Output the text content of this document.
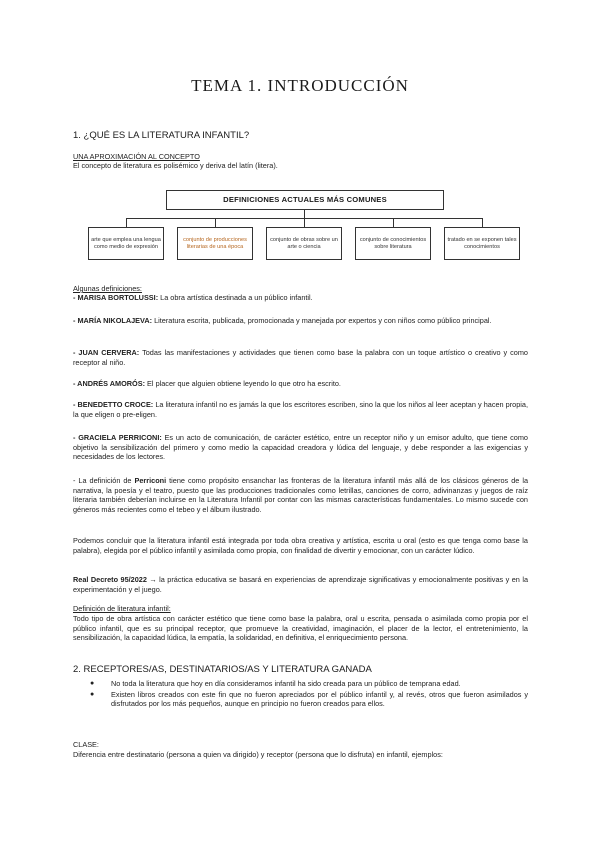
TEMA 1. INTRODUCCIÓN
1. ¿QUÉ ES LA LITERATURA INFANTIL?
UNA APROXIMACIÓN AL CONCEPTO
El concepto de literatura es polisémico y deriva del latín (litera).
DEFINICIONES ACTUALES MÁS COMUNES
arte que emplea una lengua como medio de expresión
conjunto de producciones literarias de una época
conjunto de obras sobre un arte o ciencia
conjunto de conocimientos sobre literatura
tratado en se exponen tales conocimientos
Algunas definiciones:
- MARISA BORTOLUSSI: La obra artística destinada a un público infantil.
- MARÍA NIKOLAJEVA: Literatura escrita, publicada, promocionada y manejada por expertos y con niños como público principal.
- JUAN CERVERA: Todas las manifestaciones y actividades que tienen como base la palabra con un toque artístico o creativo y como receptor al niño.
- ANDRÉS AMORÓS: El placer que alguien obtiene leyendo lo que otro ha escrito.
- BENEDETTO CROCE: La literatura infantil no es jamás la que los escritores escriben, sino la que los niños al leer aceptan y hacen propia, la que eligen o pre-eligen.
- GRACIELA PERRICONI: Es un acto de comunicación, de carácter estético, entre un receptor niño y un emisor adulto, que tiene como objetivo la sensibilización del primero y como medio la capacidad creadora y lúdica del lenguaje, y debe responder a las exigencias y necesidades de los lectores.
- La definición de Perriconi tiene como propósito ensanchar las fronteras de la literatura infantil más allá de los clásicos géneros de la narrativa, la poesía y el teatro, puesto que las producciones tradicionales como letrillas, canciones de corro, adivinanzas y juegos de raíz literaria también deberían incluirse en la Literatura Infantil por contar con las mismas características fundamentales. Lo mismo sucede con géneros más recientes como el tebeo y el álbum ilustrado.
Podemos concluir que la literatura infantil está integrada por toda obra creativa y artística, escrita u oral (esto es que tenga como base la palabra), elegida por el público infantil y asimilada como propia, con finalidad de divertir y emocionar, con un carácter lúdico.
Real Decreto 95/2022 → la práctica educativa se basará en experiencias de aprendizaje significativas y emocionalmente positivas y en la experimentación y el juego.
Definición de literatura infantil:
Todo tipo de obra artística con carácter estético que tiene como base la palabra, oral u escrita, pensada o asimilada como propia por el público infantil, que es su principal receptor, que promueve la creatividad, imaginación, el placer de la lector, el entretenimiento, la sensibilización, la capacidad lúdica, la empatía, la solidaridad, en definitiva, el enriquecimiento persona.
2. RECEPTORES/AS, DESTINATARIOS/AS Y LITERATURA GANADA
● No toda la literatura que hoy en día consideramos infantil ha sido creada para un público de temprana edad.
● Existen libros creados con este fin que no fueron apreciados por el público infantil y, al revés, otros que fueron asimilados y disfrutados por los más pequeños, aunque en principio no fueron creados para ellos.
CLASE:
Diferencia entre destinatario (persona a quien va dirigido) y receptor (persona que lo disfruta) en infantil, ejemplos:
